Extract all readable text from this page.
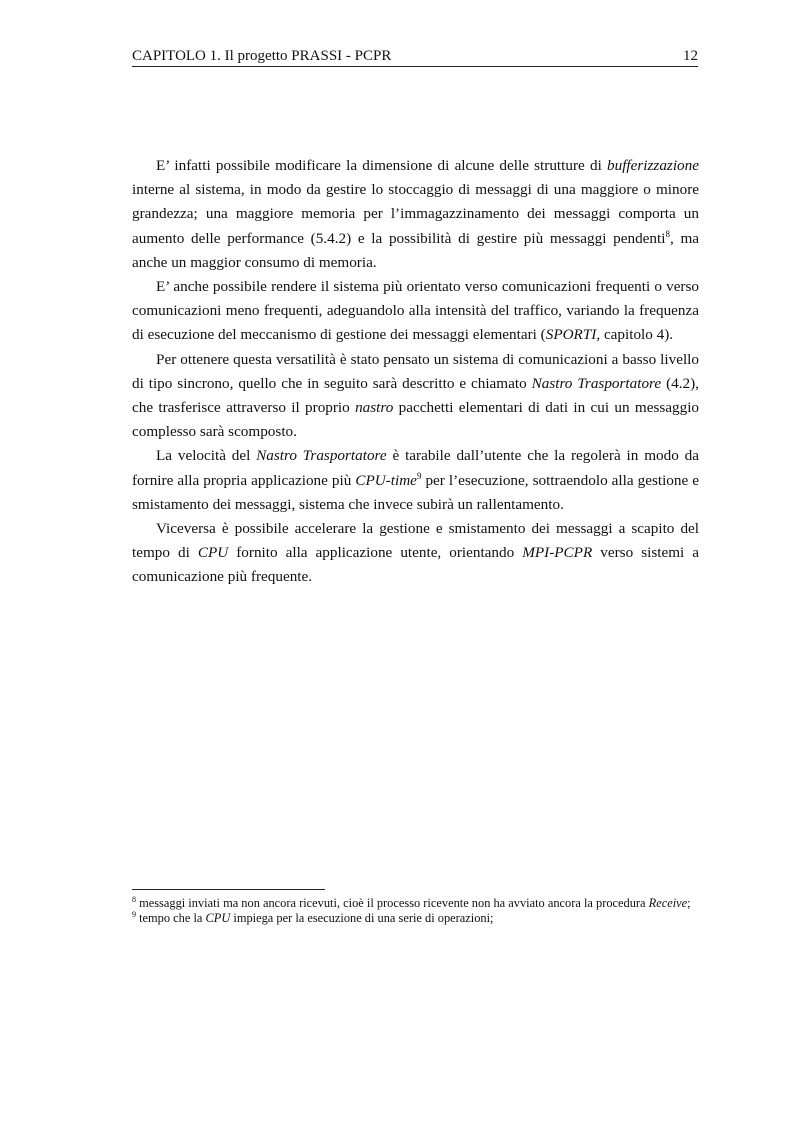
CAPITOLO 1. Il progetto PRASSI - PCPR	12

E’ infatti possibile modificare la dimensione di alcune delle strutture di bufferizzazione interne al sistema, in modo da gestire lo stoccaggio di messaggi di una maggiore o minore grandezza; una maggiore memoria per l’immagazzinamento dei messaggi comporta un aumento delle performance (5.4.2) e la possibilità di gestire più messaggi pendenti$^8$, ma anche un maggior consumo di memoria.

E’ anche possibile rendere il sistema più orientato verso comunicazioni frequenti o verso comunicazioni meno frequenti, adeguandolo alla intensità del traffico, variando la frequenza di esecuzione del meccanismo di gestione dei messaggi elementari (SPORTI, capitolo 4).

Per ottenere questa versatilità è stato pensato un sistema di comunicazioni a basso livello di tipo sincrono, quello che in seguito sarà descritto e chiamato Nastro Trasportatore (4.2), che trasferisce attraverso il proprio nastro pacchetti elementari di dati in cui un messaggio complesso sarà scomposto.

La velocità del Nastro Trasportatore è tarabile dall’utente che la regolerà in modo da fornire alla propria applicazione più CPU-time$^9$ per l’esecuzione, sottraendolo alla gestione e smistamento dei messaggi, sistema che invece subirà un rallentamento.

Viceversa è possibile accelerare la gestione e smistamento dei messaggi a scapito del tempo di CPU fornito alla applicazione utente, orientando MPI-PCPR verso sistemi a comunicazione più frequente.

$^8$ messaggi inviati ma non ancora ricevuti, cioè il processo ricevente non ha avviato ancora la procedura Receive;

$^9$ tempo che la CPU impiega per la esecuzione di una serie di operazioni;
